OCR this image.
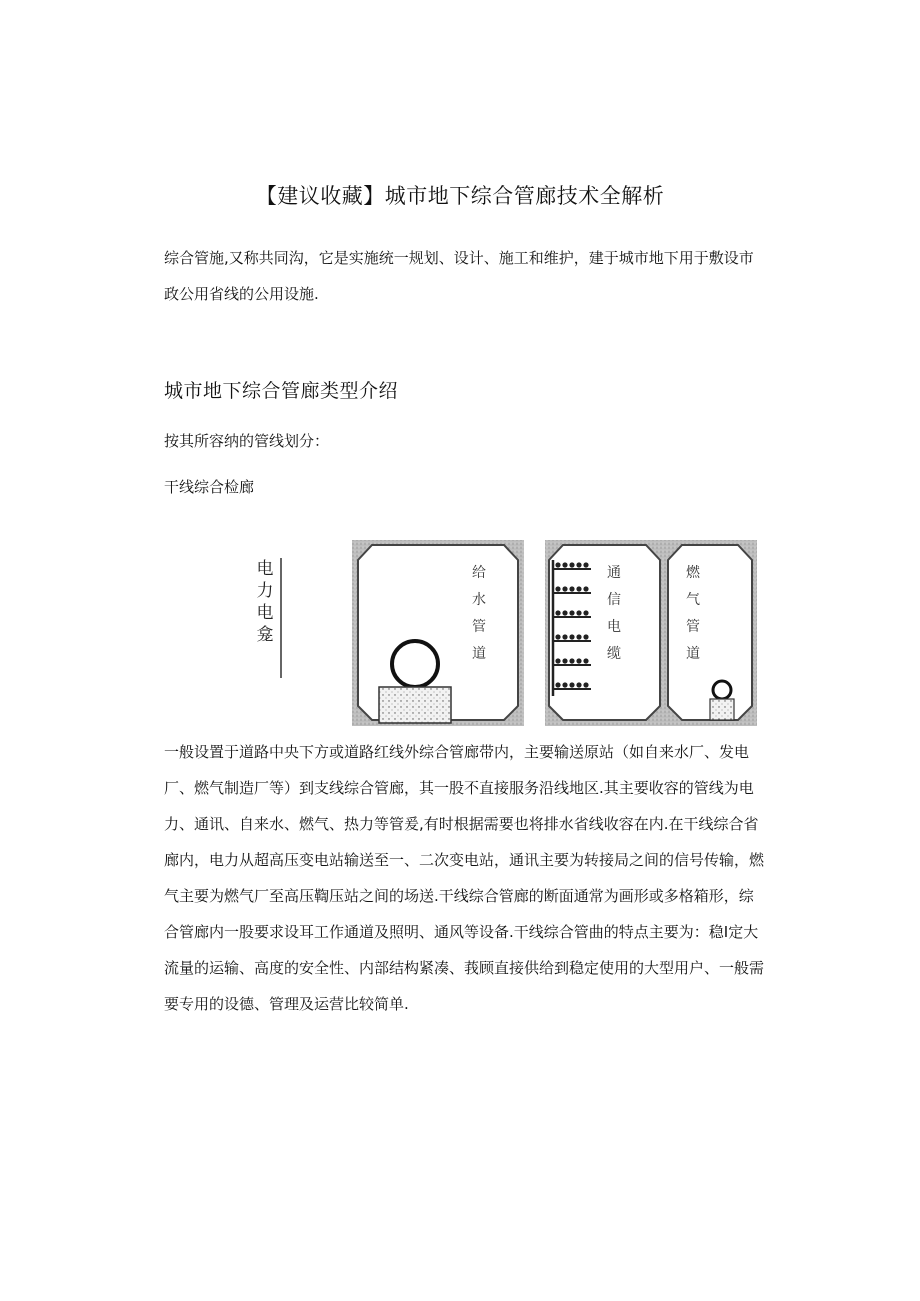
【建议收藏】城市地下综合管廊技术全解析

综合管施,又称共同沟，它是实施统一规划、设计、施工和维护，建于城市地下用于敷设市政公用省线的公用设施.

城市地下综合管廊类型介绍
按其所容纳的管线划分：
干线综合检廊
电
力
电
龛
给
水
管
道
通
信
电
缆
燃
气
管
道

一般设置于道路中央下方或道路红线外综合管廊带内，主要输送原站（如自来水厂、发电厂、燃气制造厂等）到支线综合管廊，其一股不直接服务沿线地区.其主要收容的管线为电力、通讯、自来水、燃气、热力等管爰,有时根据需要也将排水省线收容在内.在干线综合省廊内，电力从超高压变电站输送至一、二次变电站，通讯主要为转接局之间的信号传输，燃气主要为燃气厂至高压鞫压站之间的场送.干线综合管廊的断面通常为画形或多格箱形，综合管廊内一股要求设耳工作通道及照明、通风等设备.干线综合管曲的特点主要为：稳I定大流量的运输、高度的安全性、内部结构紧凑、莪顾直接供给到稳定使用的大型用户、一般需要专用的设德、管理及运营比较简单.
